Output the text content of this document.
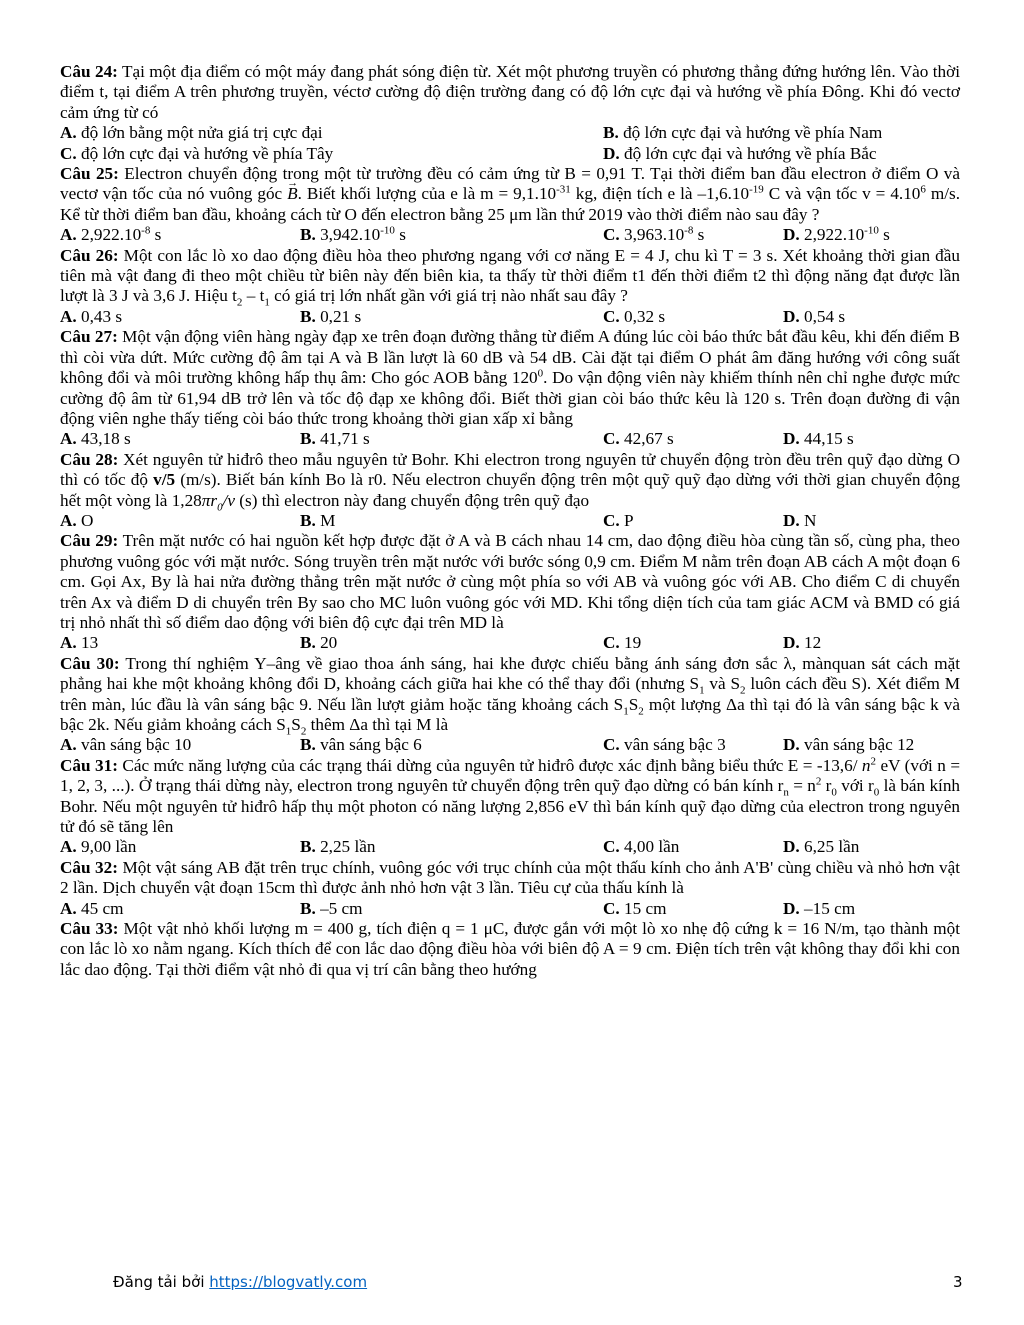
Câu 24: Tại một địa điểm có một máy đang phát sóng điện từ. Xét một phương truyền có phương thẳng đứng hướng lên. Vào thời điểm t, tại điểm A trên phương truyền, véctơ cường độ điện trường đang có độ lớn cực đại và hướng về phía Đông. Khi đó vectơ cảm ứng từ có

A. độ lớn bằng một nửa giá trị cực đại	B. độ lớn cực đại và hướng về phía Nam
C. độ lớn cực đại và hướng về phía Tây	D. độ lớn cực đại và hướng về phía Bắc

Câu 25: Electron chuyển động trong một từ trường đều có cảm ứng từ B = 0,91 T. Tại thời điểm ban đầu electron ở điểm O và vectơ vận tốc của nó vuông góc → B. Biết khối lượng của e là $m = 9,1.10^{-31}$ kg, điện tích e là $-1,6.10^{-19}$ C và vận tốc $v = 4.10^6$ m/s. Kể từ thời điểm ban đầu, khoảng cách từ O đến electron bằng 25 μm lần thứ 2019 vào thời điểm nào sau đây ?

A. $2,922.10^{-8}$ s	B. $3,942.10^{-10}$ s	C. $3,963.10^{-8}$ s	D. $2,922.10^{-10}$ s

Câu 26: Một con lắc lò xo dao động điều hòa theo phương ngang với cơ năng E = 4 J, chu kì T = 3 s. Xét khoảng thời gian đầu tiên mà vật đang đi theo một chiều từ biên này đến biên kia, ta thấy từ thời điểm t1 đến thời điểm t2 thì động năng đạt được lần lượt là 3 J và 3,6 J. Hiệu $t_2 - t_1$ có giá trị lớn nhất gần với giá trị nào nhất sau đây ?

A. 0,43 s	B. 0,21 s	C. 0,32 s	D. 0,54 s

Câu 27: Một vận động viên hàng ngày đạp xe trên đoạn đường thẳng từ điểm A đúng lúc còi báo thức bắt đầu kêu, khi đến điểm B thì còi vừa dứt. Mức cường độ âm tại A và B lần lượt là 60 dB và 54 dB. Cài đặt tại điểm O phát âm đăng hướng với công suất không đổi và môi trường không hấp thụ âm: Cho góc AOB bằng $120^0$. Do vận động viên này khiếm thính nên chỉ nghe được mức cường độ âm từ 61,94 dB trở lên và tốc độ đạp xe không đổi. Biết thời gian còi báo thức kêu là 120 s. Trên đoạn đường đi vận động viên nghe thấy tiếng còi báo thức trong khoảng thời gian xấp xỉ bằng

A. 43,18 s	B. 41,71 s	C. 42,67 s	D. 44,15 s

Câu 28: Xét nguyên tử hiđrô theo mẫu nguyên tử Bohr. Khi electron trong nguyên tử chuyển động tròn đều trên quỹ đạo dừng O thì có tốc độ v/5 (m/s). Biết bán kính Bo là r0. Nếu electron chuyển động trên một quỹ quỹ đạo dừng với thời gian chuyển động hết một vòng là $1,28\pi r_0/v$ (s) thì electron này đang chuyển động trên quỹ đạo

A. O	B. M	C. P	D. N

Câu 29: Trên mặt nước có hai nguồn kết hợp được đặt ở A và B cách nhau 14 cm, dao động điều hòa cùng tần số, cùng pha, theo phương vuông góc với mặt nước. Sóng truyền trên mặt nước với bước sóng 0,9 cm. Điểm M nằm trên đoạn AB cách A một đoạn 6 cm. Gọi Ax, By là hai nửa đường thẳng trên mặt nước ở cùng một phía so với AB và vuông góc với AB. Cho điểm C di chuyển trên Ax và điểm D di chuyển trên By sao cho MC luôn vuông góc với MD. Khi tổng diện tích của tam giác ACM và BMD có giá trị nhỏ nhất thì số điểm dao động với biên độ cực đại trên MD là

A. 13	B. 20	C. 19	D. 12

Câu 30: Trong thí nghiệm Y–âng về giao thoa ánh sáng, hai khe được chiếu bằng ánh sáng đơn sắc λ, mànquan sát cách mặt phẳng hai khe một khoảng không đổi D, khoảng cách giữa hai khe có thể thay đổi (nhưng $S_1$ và $S_2$ luôn cách đều S). Xét điểm M trên màn, lúc đầu là vân sáng bậc 9. Nếu lần lượt giảm hoặc tăng khoảng cách $S_1S_2$ một lượng Δa thì tại đó là vân sáng bậc k và bậc 2k. Nếu giảm khoảng cách $S_1S_2$ thêm Δa thì tại M là

A. vân sáng bậc 10	B. vân sáng bậc 6	C. vân sáng bậc 3	D. vân sáng bậc 12

Câu 31: Các mức năng lượng của các trạng thái dừng của nguyên tử hiđrô được xác định bằng biểu thức E = -13,6/ $n^2$ eV (với n = 1, 2, 3, ...). Ở trạng thái dừng này, electron trong nguyên tử chuyển động trên quỹ đạo dừng có bán kính $r_n = n^2$ $r_0$ với $r_0$ là bán kính Bohr. Nếu một nguyên tử hiđrô hấp thụ một photon có năng lượng 2,856 eV thì bán kính quỹ đạo dừng của electron trong nguyên tử đó sẽ tăng lên

A. 9,00 lần	B. 2,25 lần	C. 4,00 lần	D. 6,25 lần

Câu 32: Một vật sáng AB đặt trên trục chính, vuông góc với trục chính của một thấu kính cho ảnh A'B' cùng chiều và nhỏ hơn vật 2 lần. Dịch chuyển vật đoạn 15cm thì được ảnh nhỏ hơn vật 3 lần. Tiêu cự của thấu kính là

A. 45 cm	B. –5 cm	C. 15 cm	D. –15 cm

Câu 33: Một vật nhỏ khối lượng m = 400 g, tích điện q = 1 μC, được gắn với một lò xo nhẹ độ cứng k = 16 N/m, tạo thành một con lắc lò xo nằm ngang. Kích thích để con lắc dao động điều hòa với biên độ A = 9 cm. Điện tích trên vật không thay đổi khi con lắc dao động. Tại thời điểm vật nhỏ đi qua vị trí cân bằng theo hướng

Đăng tải bởi https://blogvatly.com	3
